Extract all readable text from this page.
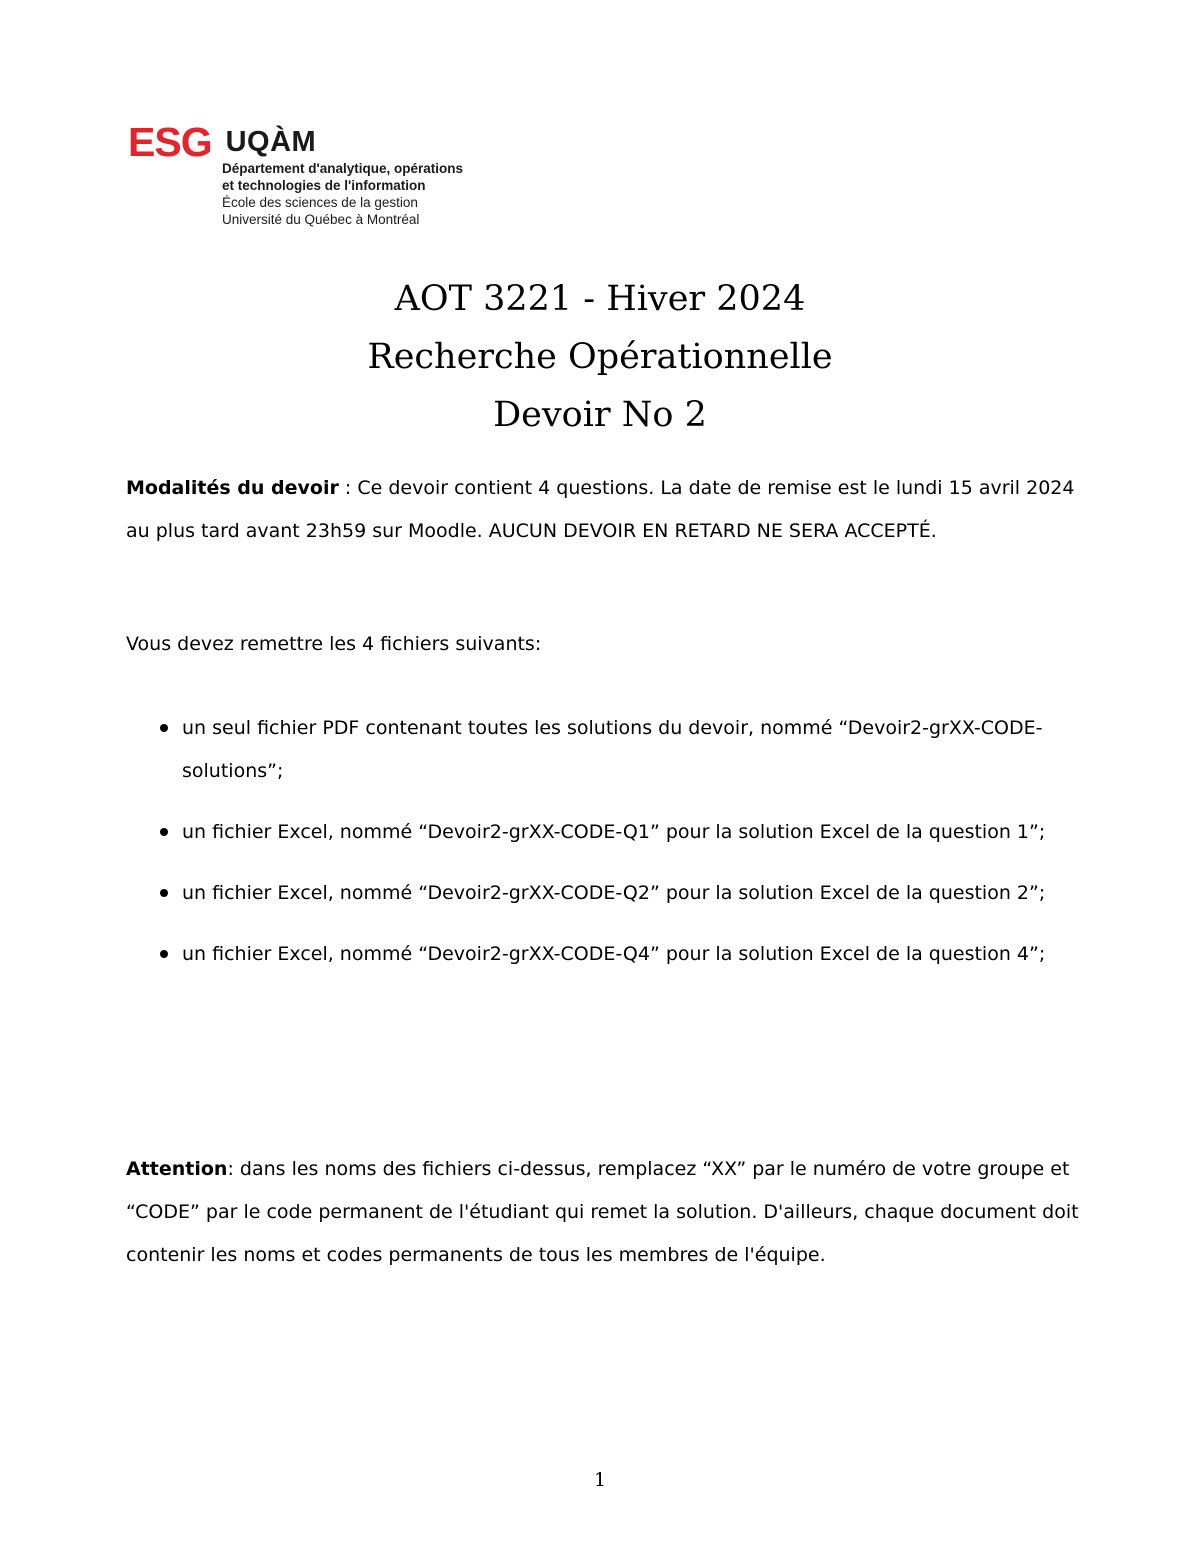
ESG UQÀM
Département d'analytique, opérations
et technologies de l'information
École des sciences de la gestion
Université du Québec à Montréal
AOT 3221 - Hiver 2024
Recherche Opérationnelle
Devoir No 2
Modalités du devoir : Ce devoir contient 4 questions. La date de remise est le lundi 15 avril 2024 au plus tard avant 23h59 sur Moodle. AUCUN DEVOIR EN RETARD NE SERA ACCEPTÉ.
Vous devez remettre les 4 fichiers suivants:
un seul fichier PDF contenant toutes les solutions du devoir, nommé “Devoir2-grXX-CODE-solutions”;
un fichier Excel, nommé “Devoir2-grXX-CODE-Q1” pour la solution Excel de la question 1”;
un fichier Excel, nommé “Devoir2-grXX-CODE-Q2” pour la solution Excel de la question 2”;
un fichier Excel, nommé “Devoir2-grXX-CODE-Q4” pour la solution Excel de la question 4”;
Attention: dans les noms des fichiers ci-dessus, remplacez “XX” par le numéro de votre groupe et “CODE” par le code permanent de l'étudiant qui remet la solution. D'ailleurs, chaque document doit contenir les noms et codes permanents de tous les membres de l'équipe.
1
